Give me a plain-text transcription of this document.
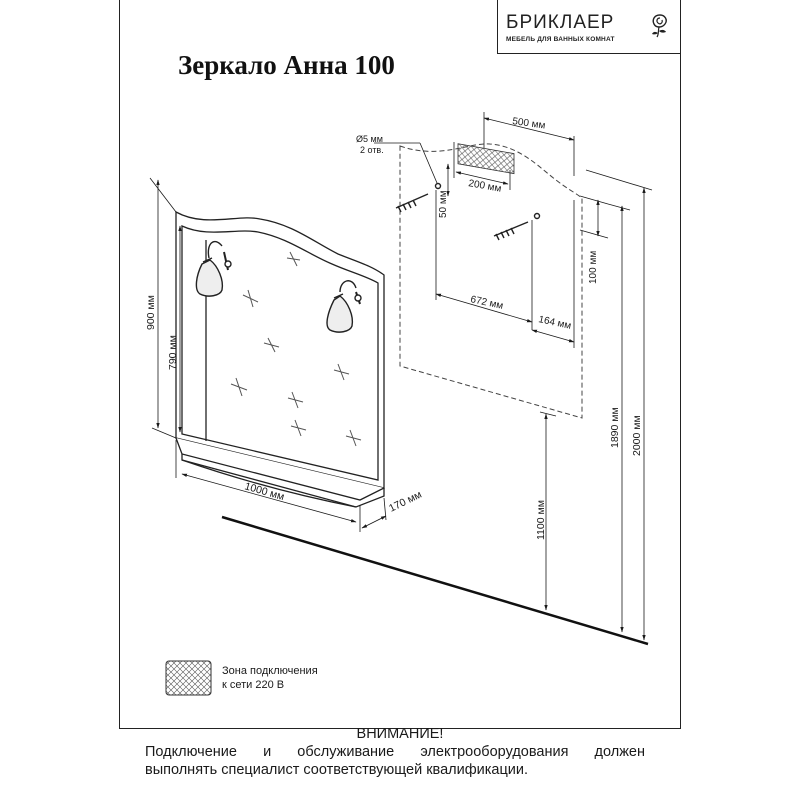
БРИКЛАЕР
МЕБЕЛЬ ДЛЯ ВАННЫХ КОМНАТ
Зеркало Анна 100
900 мм
790 мм
1000 мм	170 мм
Ø5 мм
2 отв.
500 мм
200 мм
50 мм
100 мм
672 мм
164 мм
1100 мм
1890 мм 2000 мм
Зона подключения
к сети 220 В
ВНИМАНИЕ!
Подключение и обслуживание электрооборудования должен
выполнять специалист соответствующей квалификации.
